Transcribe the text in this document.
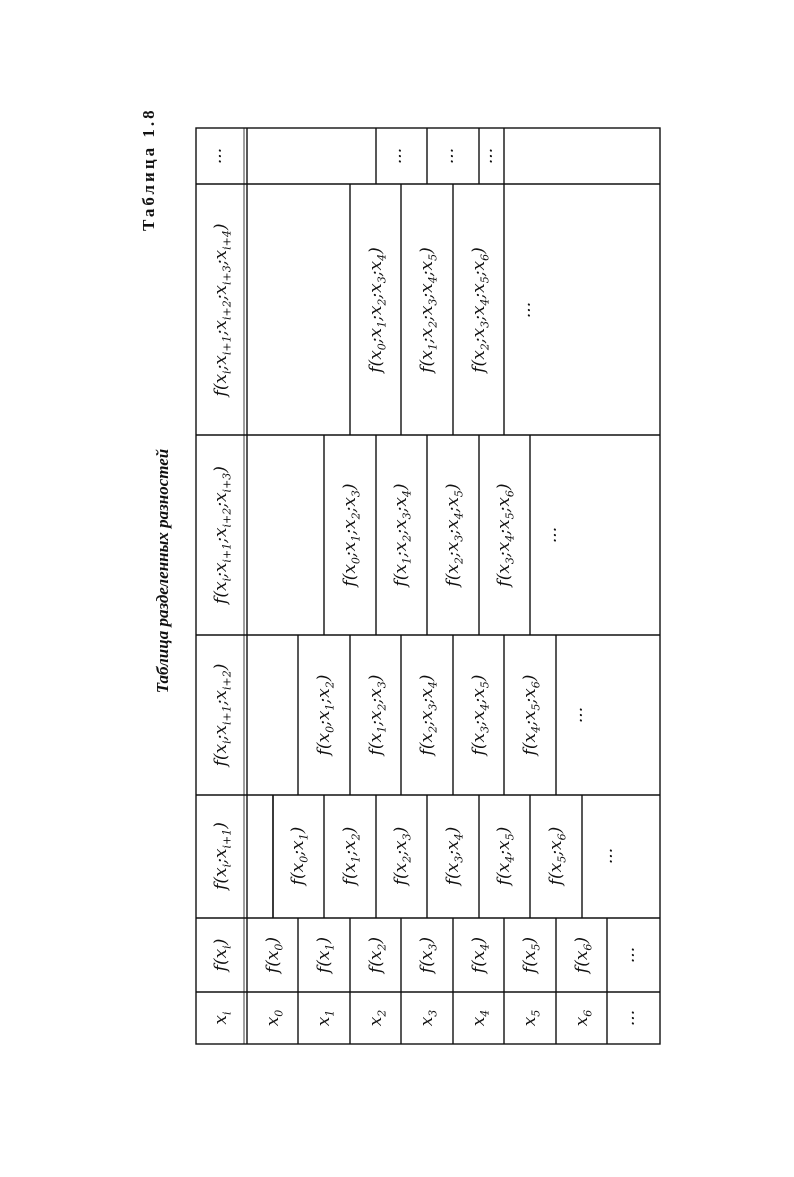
Таблица 1.8
Таблица разделенных разностей
$x_i$
$f(x_i)$
$f(x_i;x_{i+1})$
$f(x_i;x_{i+1};x_{i+2})$
$f(x_i;x_{i+1};x_{i+2};x_{i+3})$
$f(x_i;x_{i+1};x_{i+2};x_{i+3};x_{i+4})$
···
$x_0$
$x_1$
$x_2$
$x_3$
$x_4$
$x_5$
$x_6$ ···
$f(x_0)$
$f(x_1)$
$f(x_2)$
$f(x_3)$
$f(x_4)$
$f(x_5)$
$f(x_6)$
···
$f(x_0;x_1)$
$f(x_1;x_2)$
$f(x_2;x_3)$
$f(x_3;x_4)$
$f(x_4;x_5)$
$f(x_5;x_6)$
···
$f(x_0;x_1;x_2)$
$f(x_1;x_2;x_3)$
$f(x_2;x_3;x_4)$
$f(x_3;x_4;x_5)$
$f(x_4;x_5;x_6)$
···
$f(x_0;x_1;x_2;x_3)$
$f(x_1;x_2;x_3;x_4)$
$f(x_2;x_3;x_4;x_5)$
$f(x_3;x_4;x_5;x_6)$
···
$f(x_0;x_1;x_2;x_3;x_4)$
$f(x_1;x_2;x_3;x_4;x_5)$
$f(x_2;x_3;x_4;x_5;x_6)$
···
··· ··· ···
